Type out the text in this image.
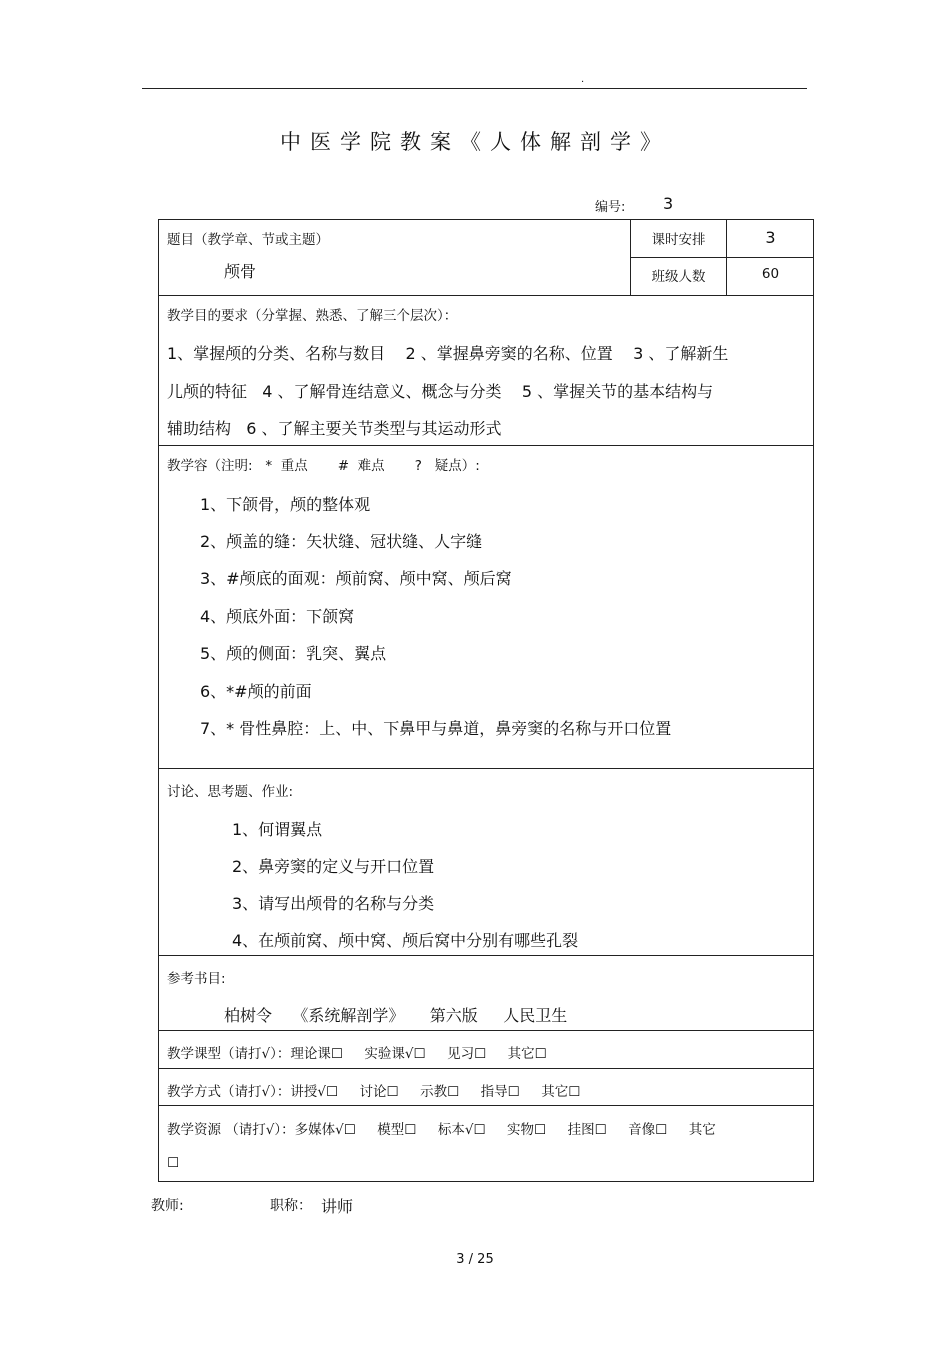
.
中医学院教案《人体解剖学》
编号: 3
题目（教学章、节或主题）
颅骨
课时安排	3
班级人数	60
教学目的要求（分掌握、熟悉、了解三个层次）：
1、掌握颅的分类、名称与数目    2 、掌握鼻旁窦的名称、位置    3 、了解新生
儿颅的特征   4 、了解骨连结意义、概念与分类    5 、掌握关节的基本结构与
辅助结构   6 、了解主要关节类型与其运动形式
教学容（注明:   *  重点       #  难点       ?   疑点）:
1、下颌骨，颅的整体观
2、颅盖的缝：矢状缝、冠状缝、人字缝
3、#颅底的面观：颅前窝、颅中窝、颅后窝
4、颅底外面：下颌窝
5、颅的侧面：乳突、翼点
6、*#颅的前面
7、* 骨性鼻腔：上、中、下鼻甲与鼻道，鼻旁窦的名称与开口位置
讨论、思考题、作业:
1、何谓翼点
2、鼻旁窦的定义与开口位置
3、请写出颅骨的名称与分类
4、在颅前窝、颅中窝、颅后窝中分别有哪些孔裂
参考书目:
柏树令    《系统解剖学》     第六版     人民卫生
教学课型（请打√）：理论课☐     实验课√☐     见习☐     其它☐
教学方式（请打√）：讲授√☐     讨论☐     示教☐     指导☐     其它☐
教学资源 （请打√）：多媒体√☐     模型☐     标本√☐     实物☐     挂图☐     音像☐     其它
☐
教师:	职称： 讲师
3 / 25
